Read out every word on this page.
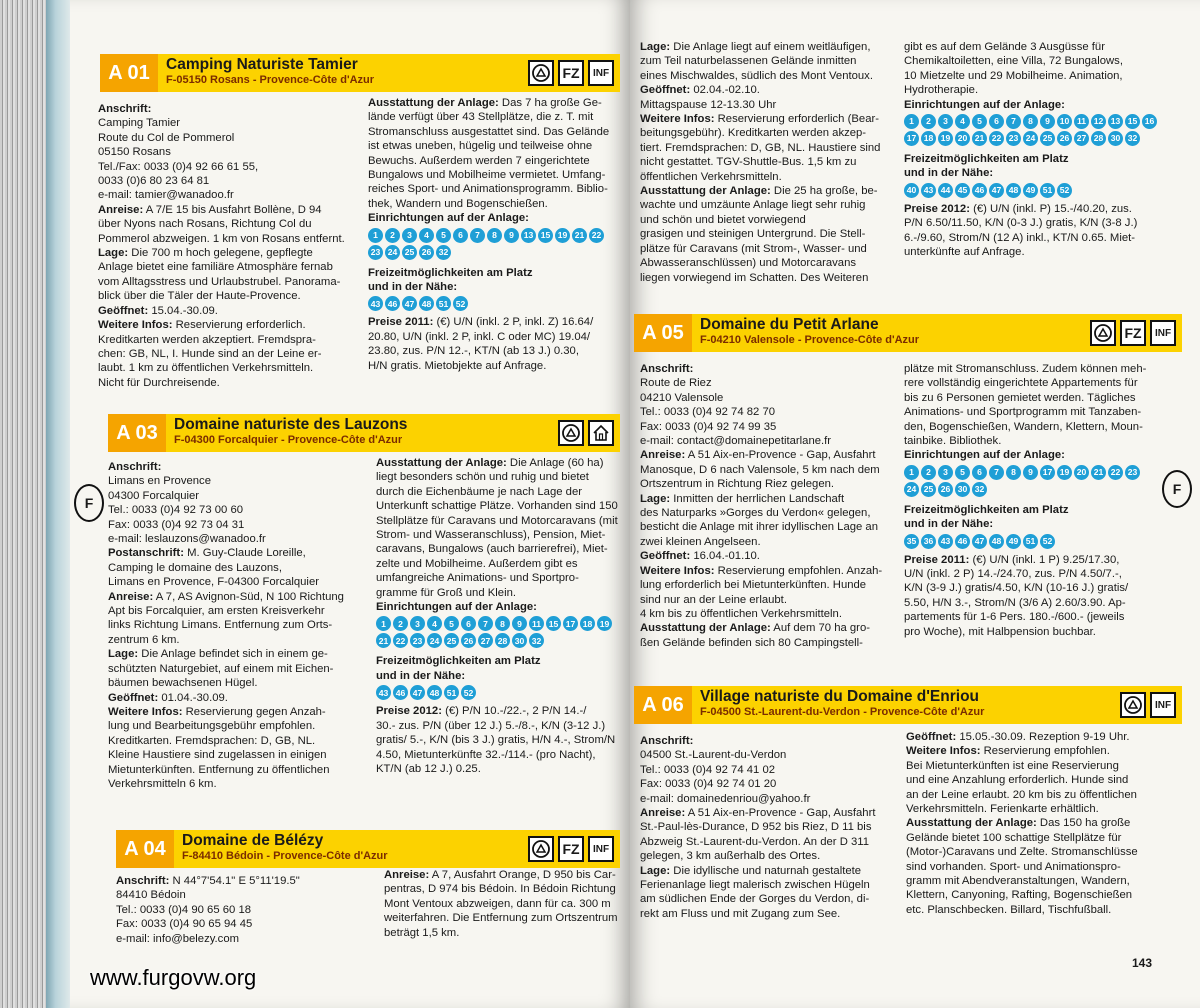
A 01	Camping Naturiste Tamier
F-05150 Rosans - Provence-Côte d'Azur	FZ	INF

Anschrift:

Camping Tamier

Route du Col de Pommerol

05150 Rosans

Tel./Fax: 0033 (0)4 92 66 61 55,

0033 (0)6 80 23 64 81

e-mail: tamier@wanadoo.fr

Anreise: A 7/E 15 bis Ausfahrt Bollène, D 94

über Nyons nach Rosans, Richtung Col du

Pommerol abzweigen. 1 km von Rosans entfernt.

Lage: Die 700 m hoch gelegene, gepflegte

Anlage bietet eine familiäre Atmosphäre fernab

vom Alltagsstress und Urlaubstrubel. Panorama-

blick über die Täler der Haute-Provence.

Geöffnet: 15.04.-30.09.

Weitere Infos: Reservierung erforderlich.

Kreditkarten werden akzeptiert. Fremdspra-

chen: GB, NL, I. Hunde sind an der Leine er-

laubt. 1 km zu öffentlichen Verkehrsmitteln.

Nicht für Durchreisende.

Ausstattung der Anlage: Das 7 ha große Ge-

lände verfügt über 43 Stellplätze, die z. T. mit

Stromanschluss ausgestattet sind. Das Gelände

ist etwas uneben, hügelig und teilweise ohne

Bewuchs. Außerdem werden 7 eingerichtete

Bungalows und Mobilheime vermietet. Umfang-

reiches Sport- und Animationsprogramm. Biblio-

thek, Wandern und Bogenschießen.

Einrichtungen auf der Anlage:

1	2	3	4	5	6	7	8	9	13 15 19 21 22
23 24 25 26 32

Freizeitmöglichkeiten am Platz

und in der Nähe:

43 46 47 48 51 52

Preise 2011: (€) U/N (inkl. 2 P, inkl. Z) 16.64/

20.80, U/N (inkl. 2 P, inkl. C oder MC) 19.04/

23.80, zus. P/N 12.-, KT/N (ab 13 J.) 0.30,

H/N gratis. Mietobjekte auf Anfrage.

A 03	Domaine naturiste des Lauzons
F-04300 Forcalquier - Provence-Côte d'Azur
F

Anschrift:

Limans en Provence

04300 Forcalquier

Tel.: 0033 (0)4 92 73 00 60

Fax: 0033 (0)4 92 73 04 31

e-mail: leslauzons@wanadoo.fr

Postanschrift: M. Guy-Claude Loreille,

Camping le domaine des Lauzons,

Limans en Provence, F-04300 Forcalquier

Anreise: A 7, AS Avignon-Süd, N 100 Richtung

Apt bis Forcalquier, am ersten Kreisverkehr

links Richtung Limans. Entfernung zum Orts-

zentrum 6 km.

Lage: Die Anlage befindet sich in einem ge-

schützten Naturgebiet, auf einem mit Eichen-

bäumen bewachsenen Hügel.

Geöffnet: 01.04.-30.09.

Weitere Infos: Reservierung gegen Anzah-

lung und Bearbeitungsgebühr empfohlen.

Kreditkarten. Fremdsprachen: D, GB, NL.

Kleine Haustiere sind zugelassen in einigen

Mietunterkünften. Entfernung zu öffentlichen

Verkehrsmitteln 6 km.

Ausstattung der Anlage: Die Anlage (60 ha)

liegt besonders schön und ruhig und bietet

durch die Eichenbäume je nach Lage der

Unterkunft schattige Plätze. Vorhanden sind 150

Stellplätze für Caravans und Motorcaravans (mit

Strom- und Wasseranschluss), Pension, Miet-

caravans, Bungalows (auch barrierefrei), Miet-

zelte und Mobilheime. Außerdem gibt es

umfangreiche Animations- und Sportpro-

gramme für Groß und Klein.

Einrichtungen auf der Anlage:

1	2	3	4	5	6	7	8	9	11 15 17 18 19
21 22 23 24 25 26 27 28 30 32

Freizeitmöglichkeiten am Platz

und in der Nähe:

43 46 47 48 51 52

Preise 2012: (€) P/N 10.-/22.-, 2 P/N 14.-/

30.- zus. P/N (über 12 J.) 5.-/8.-, K/N (3-12 J.)

gratis/ 5.-, K/N (bis 3 J.) gratis, H/N 4.-, Strom/N

4.50, Mietunterkünfte 32.-/114.- (pro Nacht),

KT/N (ab 12 J.) 0.25.

A 04	Domaine de Bélézy
F-84410 Bédoin - Provence-Côte d'Azur	FZ	INF

Anschrift: N 44°7'54.1" E 5°11'19.5"

84410 Bédoin

Tel.: 0033 (0)4 90 65 60 18

Fax: 0033 (0)4 90 65 94 45

e-mail: info@belezy.com

Anreise: A 7, Ausfahrt Orange, D 950 bis Car-

pentras, D 974 bis Bédoin. In Bédoin Richtung

Mont Ventoux abzweigen, dann für ca. 300 m

weiterfahren. Die Entfernung zum Ortszentrum

beträgt 1,5 km.

www.furgovw.org

Lage: Die Anlage liegt auf einem weitläufigen,

zum Teil naturbelassenen Gelände inmitten

eines Mischwaldes, südlich des Mont Ventoux.

Geöffnet: 02.04.-02.10.

Mittagspause 12-13.30 Uhr

Weitere Infos: Reservierung erforderlich (Bear-

beitungsgebühr). Kreditkarten werden akzep-

tiert. Fremdsprachen: D, GB, NL. Haustiere sind

nicht gestattet. TGV-Shuttle-Bus. 1,5 km zu

öffentlichen Verkehrsmitteln.

Ausstattung der Anlage: Die 25 ha große, be-

wachte und umzäunte Anlage liegt sehr ruhig

und schön und bietet vorwiegend

grasigen und steinigen Untergrund. Die Stell-

plätze für Caravans (mit Strom-, Wasser- und

Abwasseranschlüssen) und Motorcaravans

liegen vorwiegend im Schatten. Des Weiteren

gibt es auf dem Gelände 3 Ausgüsse für

Chemikaltoiletten, eine Villa, 72 Bungalows,

10 Mietzelte und 29 Mobilheime. Animation,

Hydrotherapie.

Einrichtungen auf der Anlage:

1	2	3	4	5	6	7	8	9	10 11 12 13 15 16
17 18 19 20 21 22 23 24 25 26 27 28 30 32

Freizeitmöglichkeiten am Platz

und in der Nähe:

40 43 44 45 46 47 48 49 51 52

Preise 2012: (€) U/N (inkl. P) 15.-/40.20, zus.

P/N 6.50/11.50, K/N (0-3 J.) gratis, K/N (3-8 J.)

6.-/9.60, Strom/N (12 A) inkl., KT/N 0.65. Miet-

unterkünfte auf Anfrage.

A 05	Domaine du Petit Arlane
F-04210 Valensole - Provence-Côte d'Azur	FZ	INF

Anschrift:

Route de Riez

04210 Valensole

Tel.: 0033 (0)4 92 74 82 70

Fax: 0033 (0)4 92 74 99 35

e-mail: contact@domainepetitarlane.fr

Anreise: A 51 Aix-en-Provence - Gap, Ausfahrt

Manosque, D 6 nach Valensole, 5 km nach dem

Ortszentrum in Richtung Riez gelegen.

Lage: Inmitten der herrlichen Landschaft

des Naturparks »Gorges du Verdon« gelegen,

besticht die Anlage mit ihrer idyllischen Lage an

zwei kleinen Angelseen.

Geöffnet: 16.04.-01.10.

Weitere Infos: Reservierung empfohlen. Anzah-

lung erforderlich bei Mietunterkünften. Hunde

sind nur an der Leine erlaubt.

4 km bis zu öffentlichen Verkehrsmitteln.

Ausstattung der Anlage: Auf dem 70 ha gro-

ßen Gelände befinden sich 80 Campingstell-

plätze mit Stromanschluss. Zudem können meh-

rere vollständig eingerichtete Appartements für

bis zu 6 Personen gemietet werden. Tägliches

Animations- und Sportprogramm mit Tanzaben-

den, Bogenschießen, Wandern, Klettern, Moun-

tainbike. Bibliothek.

Einrichtungen auf der Anlage:

1	2	3	5	6	7	8	9	17 19 20 21 22 23
24 25 26 30 32

Freizeitmöglichkeiten am Platz

und in der Nähe:

35 36 43 46 47 48 49 51 52

Preise 2011: (€) U/N (inkl. 1 P) 9.25/17.30,

U/N (inkl. 2 P) 14.-/24.70, zus. P/N 4.50/7.-,

K/N (3-9 J.) gratis/4.50, K/N (10-16 J.) gratis/

5.50, H/N 3.-, Strom/N (3/6 A) 2.60/3.90. Ap-

partements für 1-6 Pers. 180.-/600.- (jeweils

pro Woche), mit Halbpension buchbar.

F
A 06	Village naturiste du Domaine d'Enriou
F-04500 St.-Laurent-du-Verdon - Provence-Côte d'Azur
INF

Anschrift:

04500 St.-Laurent-du-Verdon

Tel.: 0033 (0)4 92 74 41 02

Fax: 0033 (0)4 92 74 01 20

e-mail: domainedenriou@yahoo.fr

Anreise: A 51 Aix-en-Provence - Gap, Ausfahrt

St.-Paul-lès-Durance, D 952 bis Riez, D 11 bis

Abzweig St.-Laurent-du-Verdon. An der D 311

gelegen, 3 km außerhalb des Ortes.

Lage: Die idyllische und naturnah gestaltete

Ferienanlage liegt malerisch zwischen Hügeln

am südlichen Ende der Gorges du Verdon, di-

rekt am Fluss und mit Zugang zum See.

Geöffnet: 15.05.-30.09. Rezeption 9-19 Uhr.

Weitere Infos: Reservierung empfohlen.

Bei Mietunterkünften ist eine Reservierung

und eine Anzahlung erforderlich. Hunde sind

an der Leine erlaubt. 20 km bis zu öffentlichen

Verkehrsmitteln. Ferienkarte erhältlich.

Ausstattung der Anlage: Das 150 ha große

Gelände bietet 100 schattige Stellplätze für

(Motor-)Caravans und Zelte. Stromanschlüsse

sind vorhanden. Sport- und Animationspro-

gramm mit Abendveranstaltungen, Wandern,

Klettern, Canyoning, Rafting, Bogenschießen

etc. Planschbecken. Billard, Tischfußball.

143
